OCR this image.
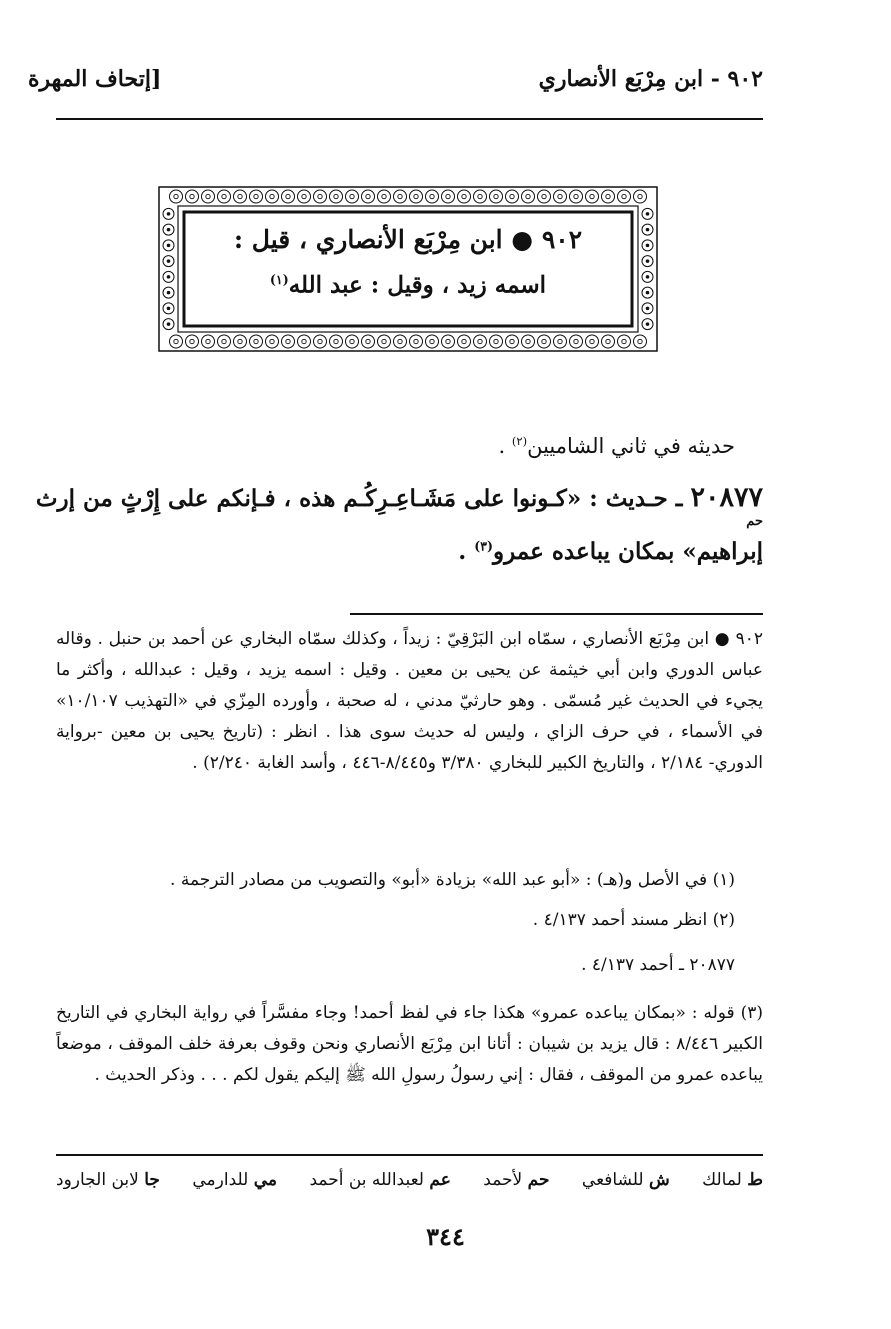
٩٠٢ - ابن مِرْبَع الأنصاري
[إتحاف المهرة
٩٠٢ ● ابن مِرْبَع الأنصاري ، قيل :
اسمه زيد ، وقيل : عبد الله$^{(١)}$
حديثه في ثاني الشاميين$^{(٢)}$ .
٢٠٨٧٧ ـ حـديث : «كـونوا على مَشَـاعِـرِكُـم هذه ، فـإنكم على إِرْثٍ من إرث
حم
إبراهيم» بمكان يباعده عمرو$^{(٣)}$ .
٩٠٢ ● ابن مِرْبَع الأنصاري ، سمّاه ابن البَرْقِيّ : زيداً ، وكذلك سمّاه البخاري عن أحمد بن حنبل . وقاله عباس الدوري وابن أبي خيثمة عن يحيى بن معين . وقيل : اسمه يزيد ، وقيل : عبدالله ، وأكثر ما يجيء في الحديث غير مُسمّى . وهو حارثيّ مدني ، له صحبة ، وأورده المِزّي في «التهذيب ١٠/١٠٧» في الأسماء ، في حرف الزاي ، وليس له حديث سوى هذا . انظر : (تاريخ يحيى بن معين -برواية الدوري- ٢/١٨٤ ، والتاريخ الكبير للبخاري ٣/٣٨٠ و٨/٤٤٥-٤٤٦ ، وأسد الغابة ٢/٢٤٠) .
(١) في الأصل و(هـ) : «أبو عبد الله» بزيادة «أبو» والتصويب من مصادر الترجمة .
(٢) انظر مسند أحمد ٤/١٣٧ .
٢٠٨٧٧ ـ أحمد ٤/١٣٧ .
(٣) قوله : «بمكان يباعده عمرو» هكذا جاء في لفظ أحمد! وجاء مفسَّراً في رواية البخاري في التاريخ الكبير ٨/٤٤٦ : قال يزيد بن شيبان : أتانا ابن مِرْبَع الأنصاري ونحن وقوف بعرفة خلف الموقف ، موضعاً يباعده عمرو من الموقف ، فقال : إني رسولُ رسولِ الله ﷺ إليكم يقول لكم . . . وذكر الحديث .
ط لمالك
ش للشافعي
حم لأحمد
عم لعبدالله بن أحمد
مي للدارمي
جا لابن الجارود
٣٤٤
